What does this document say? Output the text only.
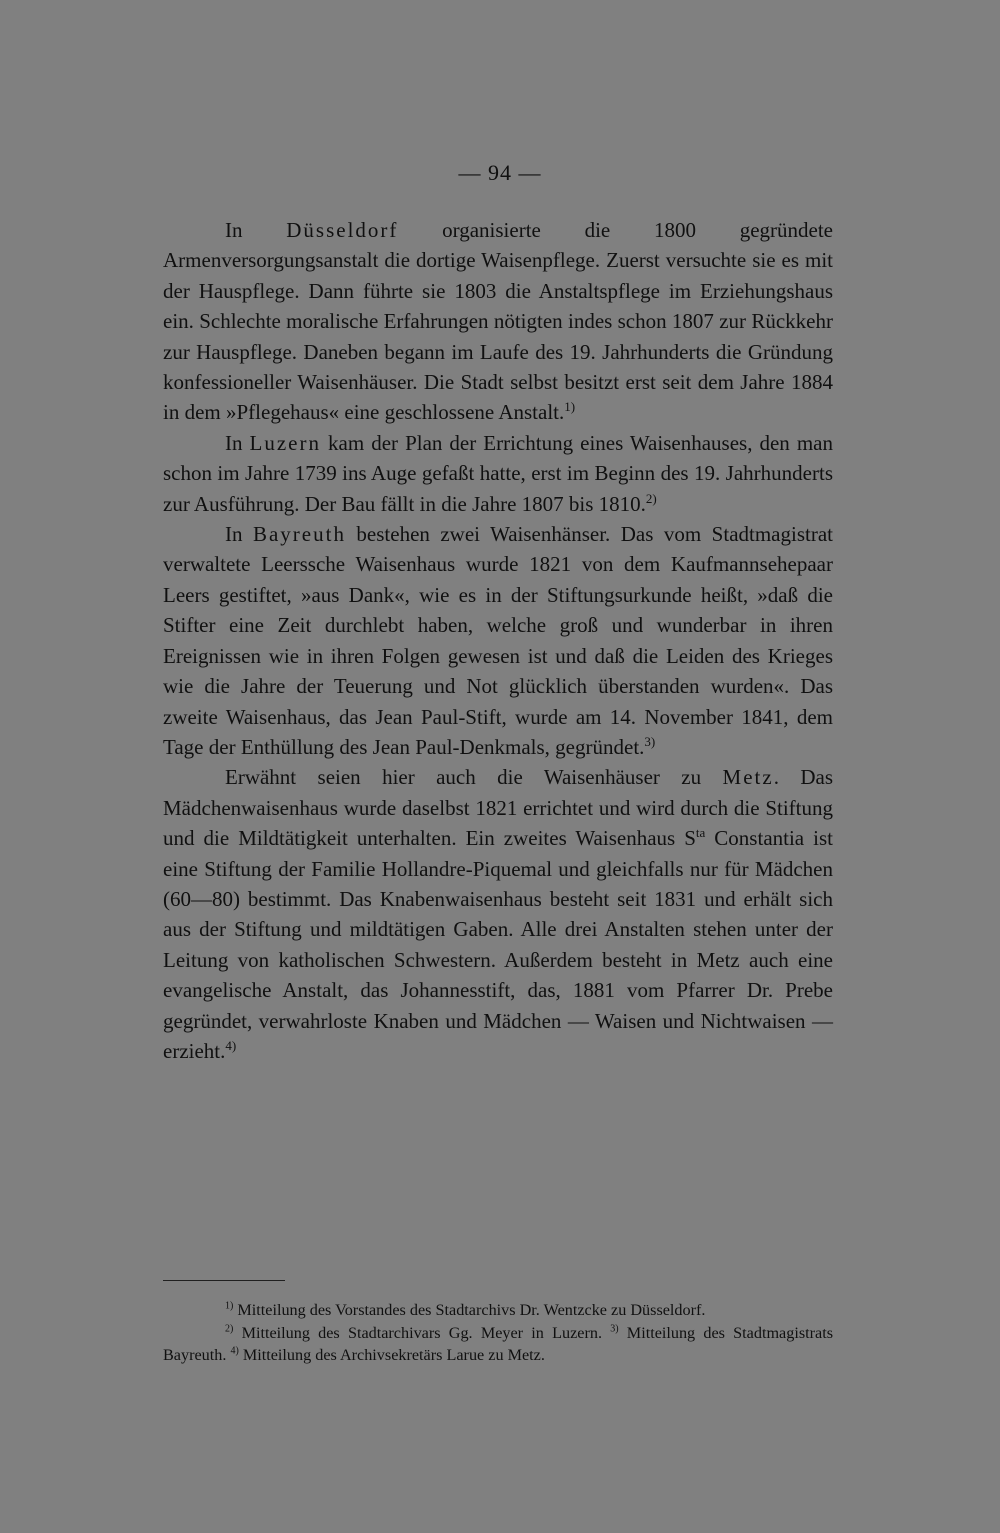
— 94 —

In Düsseldorf organisierte die 1800 gegründete Armenversorgungsanstalt die dortige Waisenpflege. Zuerst versuchte sie es mit der Hauspflege. Dann führte sie 1803 die Anstaltspflege im Erziehungshaus ein. Schlechte moralische Erfahrungen nötigten indes schon 1807 zur Rückkehr zur Hauspflege. Daneben begann im Laufe des 19. Jahrhunderts die Gründung konfessioneller Waisenhäuser. Die Stadt selbst besitzt erst seit dem Jahre 1884 in dem »Pflegehaus« eine geschlossene Anstalt.$^{1)}$

In Luzern kam der Plan der Errichtung eines Waisenhauses, den man schon im Jahre 1739 ins Auge gefaßt hatte, erst im Beginn des 19. Jahrhunderts zur Ausführung. Der Bau fällt in die Jahre 1807 bis 1810.$^{2)}$

In Bayreuth bestehen zwei Waisenhänser. Das vom Stadtmagistrat verwaltete Leerssche Waisenhaus wurde 1821 von dem Kaufmannsehepaar Leers gestiftet, »aus Dank«, wie es in der Stiftungsurkunde heißt, »daß die Stifter eine Zeit durchlebt haben, welche groß und wunderbar in ihren Ereignissen wie in ihren Folgen gewesen ist und daß die Leiden des Krieges wie die Jahre der Teuerung und Not glücklich überstanden wurden«. Das zweite Waisenhaus, das Jean Paul-Stift, wurde am 14. November 1841, dem Tage der Enthüllung des Jean Paul-Denkmals, gegründet.$^{3)}$

Erwähnt seien hier auch die Waisenhäuser zu Metz. Das Mädchenwaisenhaus wurde daselbst 1821 errichtet und wird durch die Stiftung und die Mildtätigkeit unterhalten. Ein zweites Waisenhaus $S^{ta}$ Constantia ist eine Stiftung der Familie Hollandre-Piquemal und gleichfalls nur für Mädchen (60—80) bestimmt. Das Knabenwaisenhaus besteht seit 1831 und erhält sich aus der Stiftung und mildtätigen Gaben. Alle drei Anstalten stehen unter der Leitung von katholischen Schwestern. Außerdem besteht in Metz auch eine evangelische Anstalt, das Johannesstift, das, 1881 vom Pfarrer Dr. Prebe gegründet, verwahrloste Knaben und Mädchen — Waisen und Nichtwaisen — erzieht.$^{4)}$

$^{1)}$ Mitteilung des Vorstandes des Stadtarchivs Dr. Wentzcke zu Düsseldorf.

$^{2)}$ Mitteilung des Stadtarchivars Gg. Meyer in Luzern. $^{3)}$ Mitteilung des Stadtmagistrats Bayreuth. $^{4)}$ Mitteilung des Archivsekretärs Larue zu Metz.
